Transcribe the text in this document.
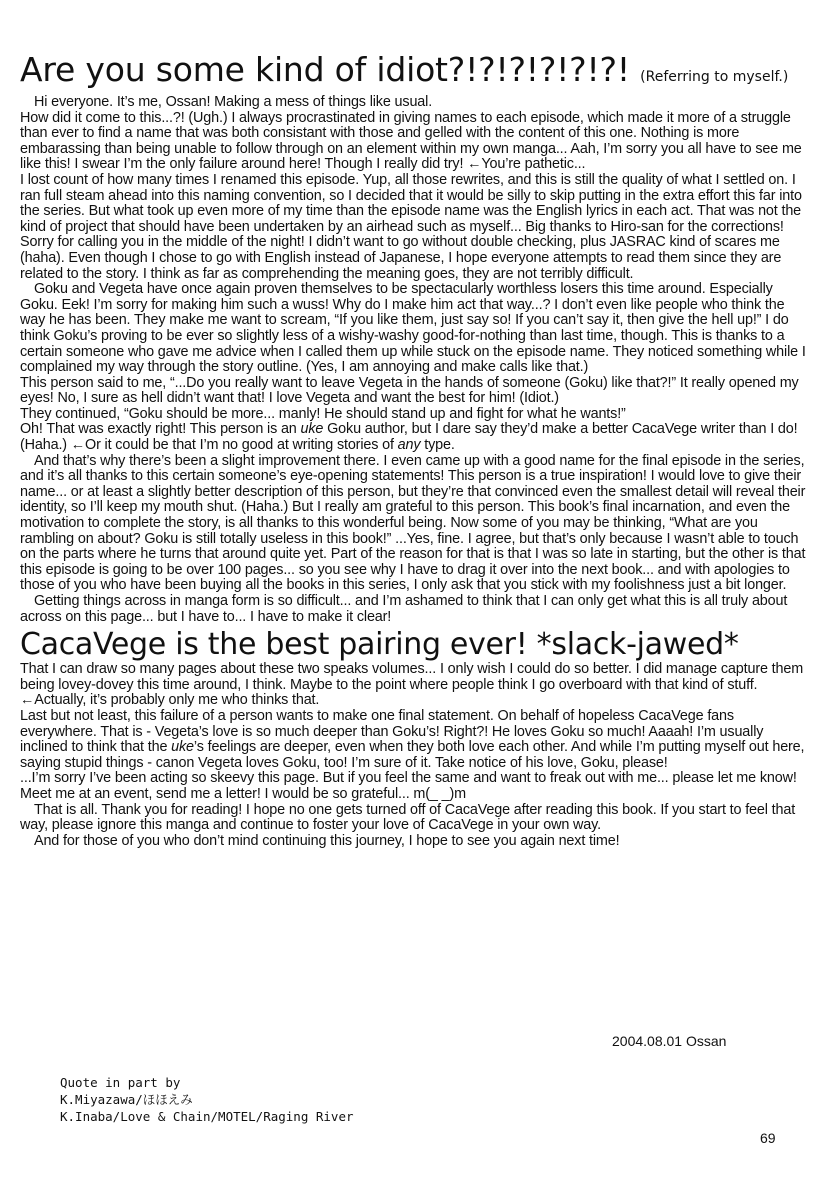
Are you some kind of idiot?!?!?!?!?!?! (Referring to myself.)

Hi everyone. It’s me, Ossan! Making a mess of things like usual.

How did it come to this...?! (Ugh.) I always procrastinated in giving names to each episode, which made it more of a struggle than ever to find a name that was both consistant with those and gelled with the content of this one. Nothing is more embarassing than being unable to follow through on an element within my own manga... Aah, I’m sorry you all have to see me like this! I swear I’m the only failure around here! Though I really did try! ←You’re pathetic...

I lost count of how many times I renamed this episode. Yup, all those rewrites, and this is still the quality of what I settled on. I ran full steam ahead into this naming convention, so I decided that it would be silly to skip putting in the extra effort this far into the series. But what took up even more of my time than the episode name was the English lyrics in each act. That was not the kind of project that should have been undertaken by an airhead such as myself... Big thanks to Hiro-san for the corrections! Sorry for calling you in the middle of the night! I didn’t want to go without double checking, plus JASRAC kind of scares me (haha). Even though I chose to go with English instead of Japanese, I hope everyone attempts to read them since they are related to the story. I think as far as comprehending the meaning goes, they are not terribly difficult.

Goku and Vegeta have once again proven themselves to be spectacularly worthless losers this time around. Especially Goku. Eek! I’m sorry for making him such a wuss! Why do I make him act that way...? I don’t even like people who think the way he has been. They make me want to scream, “If you like them, just say so! If you can’t say it, then give the hell up!” I do think Goku’s proving to be ever so slightly less of a wishy-washy good-for-nothing than last time, though. This is thanks to a certain someone who gave me advice when I called them up while stuck on the episode name. They noticed something while I complained my way through the story outline. (Yes, I am annoying and make calls like that.)

This person said to me, “...Do you really want to leave Vegeta in the hands of someone (Goku) like that?!” It really opened my eyes! No, I sure as hell didn’t want that! I love Vegeta and want the best for him! (Idiot.)

They continued, “Goku should be more... manly! He should stand up and fight for what he wants!”

Oh! That was exactly right! This person is an uke Goku author, but I dare say they’d make a better CacaVege writer than I do! (Haha.) ←Or it could be that I’m no good at writing stories of any type.

And that’s why there’s been a slight improvement there. I even came up with a good name for the final episode in the series, and it’s all thanks to this certain someone’s eye-opening statements! This person is a true inspiration! I would love to give their name... or at least a slightly better description of this person, but they’re that convinced even the smallest detail will reveal their identity, so I’ll keep my mouth shut. (Haha.) But I really am grateful to this person. This book’s final incarnation, and even the motivation to complete the story, is all thanks to this wonderful being. Now some of you may be thinking, “What are you rambling on about? Goku is still totally useless in this book!” ...Yes, fine. I agree, but that’s only because I wasn’t able to touch on the parts where he turns that around quite yet. Part of the reason for that is that I was so late in starting, but the other is that this episode is going to be over 100 pages... so you see why I have to drag it over into the next book... and with apologies to those of you who have been buying all the books in this series, I only ask that you stick with my foolishness just a bit longer.

Getting things across in manga form is so difficult... and I’m ashamed to think that I can only get what this is all truly about across on this page... but I have to... I have to make it clear!

CacaVege is the best pairing ever! *slack-jawed*

That I can draw so many pages about these two speaks volumes... I only wish I could do so better. I did manage capture them being lovey-dovey this time around, I think. Maybe to the point where people think I go overboard with that kind of stuff. ←Actually, it’s probably only me who thinks that.

Last but not least, this failure of a person wants to make one final statement. On behalf of hopeless CacaVege fans everywhere. That is - Vegeta’s love is so much deeper than Goku’s! Right?! He loves Goku so much! Aaaah! I’m usually inclined to think that the uke’s feelings are deeper, even when they both love each other. And while I’m putting myself out here, saying stupid things - canon Vegeta loves Goku, too! I’m sure of it. Take notice of his love, Goku, please!

...I’m sorry I’ve been acting so skeevy this page. But if you feel the same and want to freak out with me... please let me know! Meet me at an event, send me a letter! I would be so grateful... m(_ _)m

That is all. Thank you for reading! I hope no one gets turned off of CacaVege after reading this book. If you start to feel that way, please ignore this manga and continue to foster your love of CacaVege in your own way.

And for those of you who don’t mind continuing this journey, I hope to see you again next time!

2004.08.01 Ossan
Quote in part by
K.Miyazawa/ほほえみ
K.Inaba/Love & Chain/MOTEL/Raging River
69
